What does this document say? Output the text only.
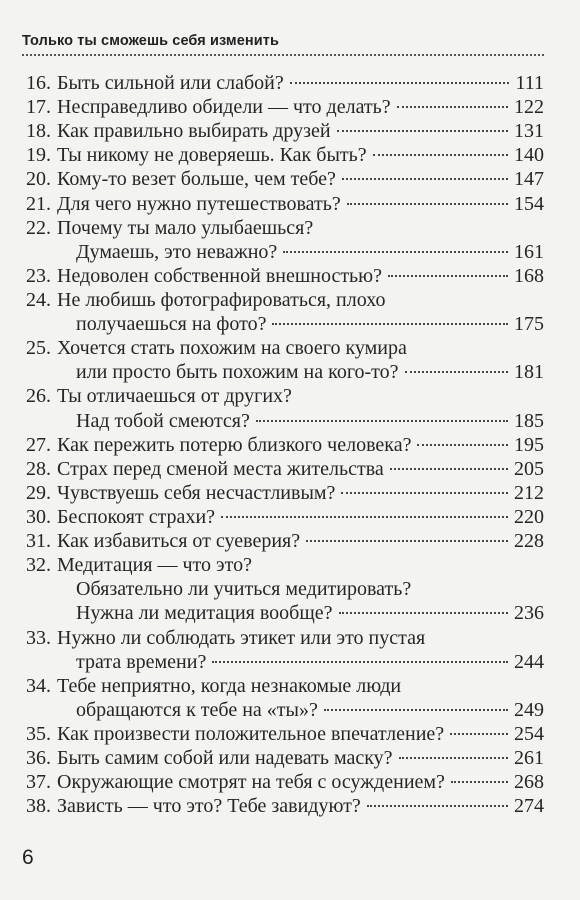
Только ты сможешь себя изменить
16. Быть сильной или слабой?	111
17. Несправедливо обидели — что делать?	122
18. Как правильно выбирать друзей	131
19. Ты никому не доверяешь. Как быть?	140
20. Кому-то везет больше, чем тебе?	147
21. Для чего нужно путешествовать?	154
22. Почему ты мало улыбаешься?
Думаешь, это неважно?	161
23. Недоволен собственной внешностью?	168
24. Не любишь фотографироваться, плохо
получаешься на фото?	175
25. Хочется стать похожим на своего кумира
или просто быть похожим на кого-то?	181
26. Ты отличаешься от других?
Над тобой смеются?	185
27. Как пережить потерю близкого человека?	195
28. Страх перед сменой места жительства	205
29. Чувствуешь себя несчастливым?	212
30. Беспокоят страхи?	220
31. Как избавиться от суеверия?	228
32. Медитация — что это?
Обязательно ли учиться медитировать?
Нужна ли медитация вообще?	236
33. Нужно ли соблюдать этикет или это пустая
трата времени?	244
34. Тебе неприятно, когда незнакомые люди
обращаются к тебе на «ты»?	249
35. Как произвести положительное впечатление?	254
36. Быть самим собой или надевать маску?	261
37. Окружающие смотрят на тебя с осуждением?	268
38. Зависть — что это? Тебе завидуют?	274
6
